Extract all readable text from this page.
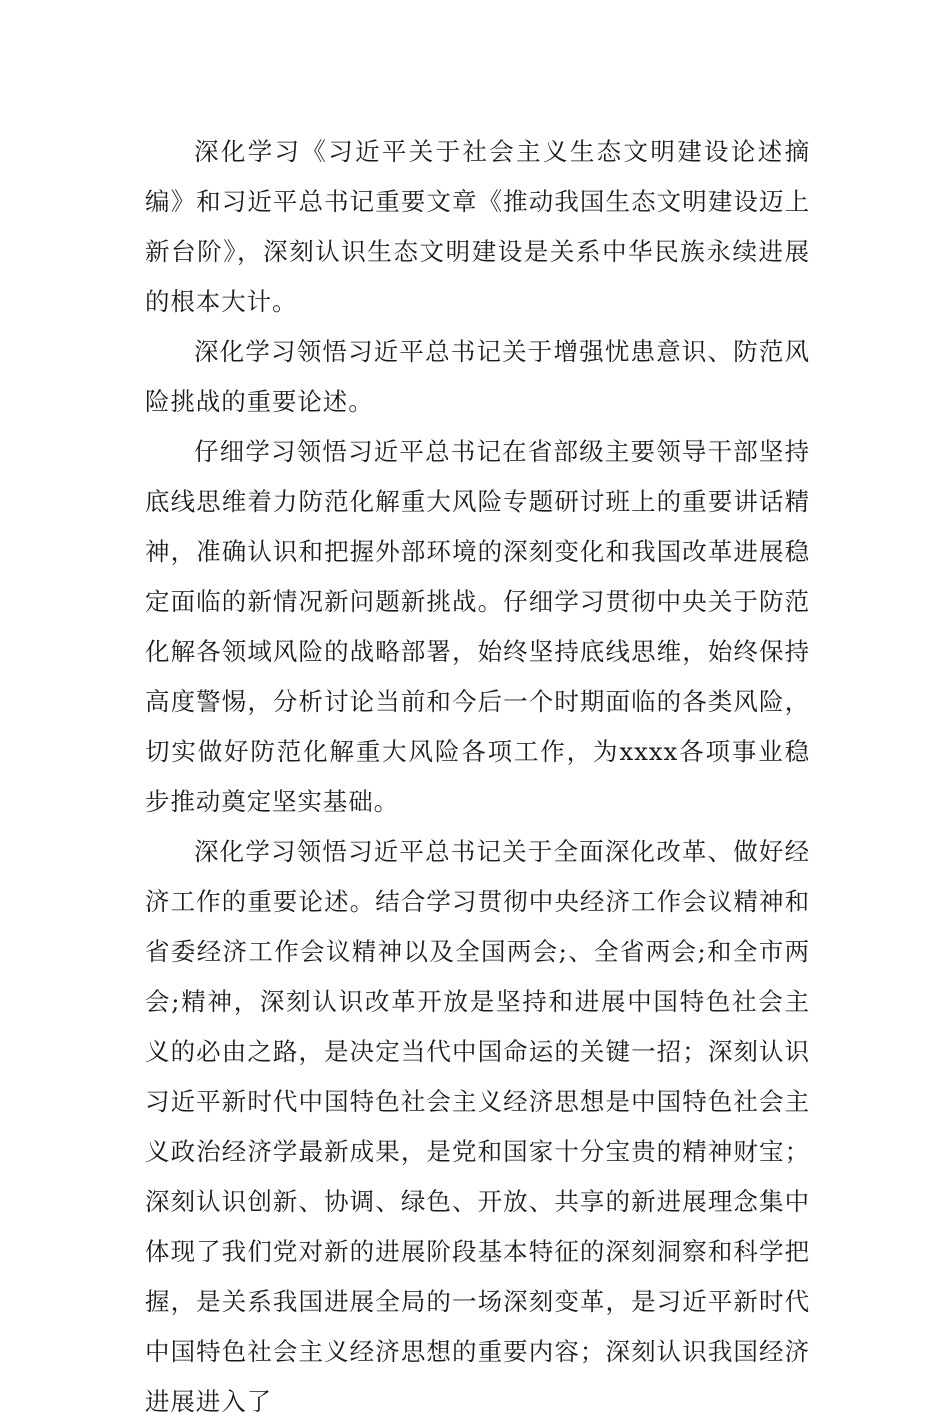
深化学习《习近平关于社会主义生态文明建设论述摘编》和习近平总书记重要文章《推动我国生态文明建设迈上新台阶》，深刻认识生态文明建设是关系中华民族永续进展的根本大计。

深化学习领悟习近平总书记关于增强忧患意识、防范风险挑战的重要论述。

仔细学习领悟习近平总书记在省部级主要领导干部坚持底线思维着力防范化解重大风险专题研讨班上的重要讲话精神，准确认识和把握外部环境的深刻变化和我国改革进展稳定面临的新情况新问题新挑战。仔细学习贯彻中央关于防范化解各领域风险的战略部署，始终坚持底线思维，始终保持高度警惕，分析讨论当前和今后一个时期面临的各类风险，切实做好防范化解重大风险各项工作，为xxxx各项事业稳步推动奠定坚实基础。

深化学习领悟习近平总书记关于全面深化改革、做好经济工作的重要论述。结合学习贯彻中央经济工作会议精神和省委经济工作会议精神以及全国两会;、全省两会;和全市两会;精神，深刻认识改革开放是坚持和进展中国特色社会主义的必由之路，是决定当代中国命运的关键一招；深刻认识习近平新时代中国特色社会主义经济思想是中国特色社会主义政治经济学最新成果，是党和国家十分宝贵的精神财宝；深刻认识创新、协调、绿色、开放、共享的新进展理念集中体现了我们党对新的进展阶段基本特征的深刻洞察和科学把握，是关系我国进展全局的一场深刻变革，是习近平新时代中国特色社会主义经济思想的重要内容；深刻认识我国经济进展进入了
